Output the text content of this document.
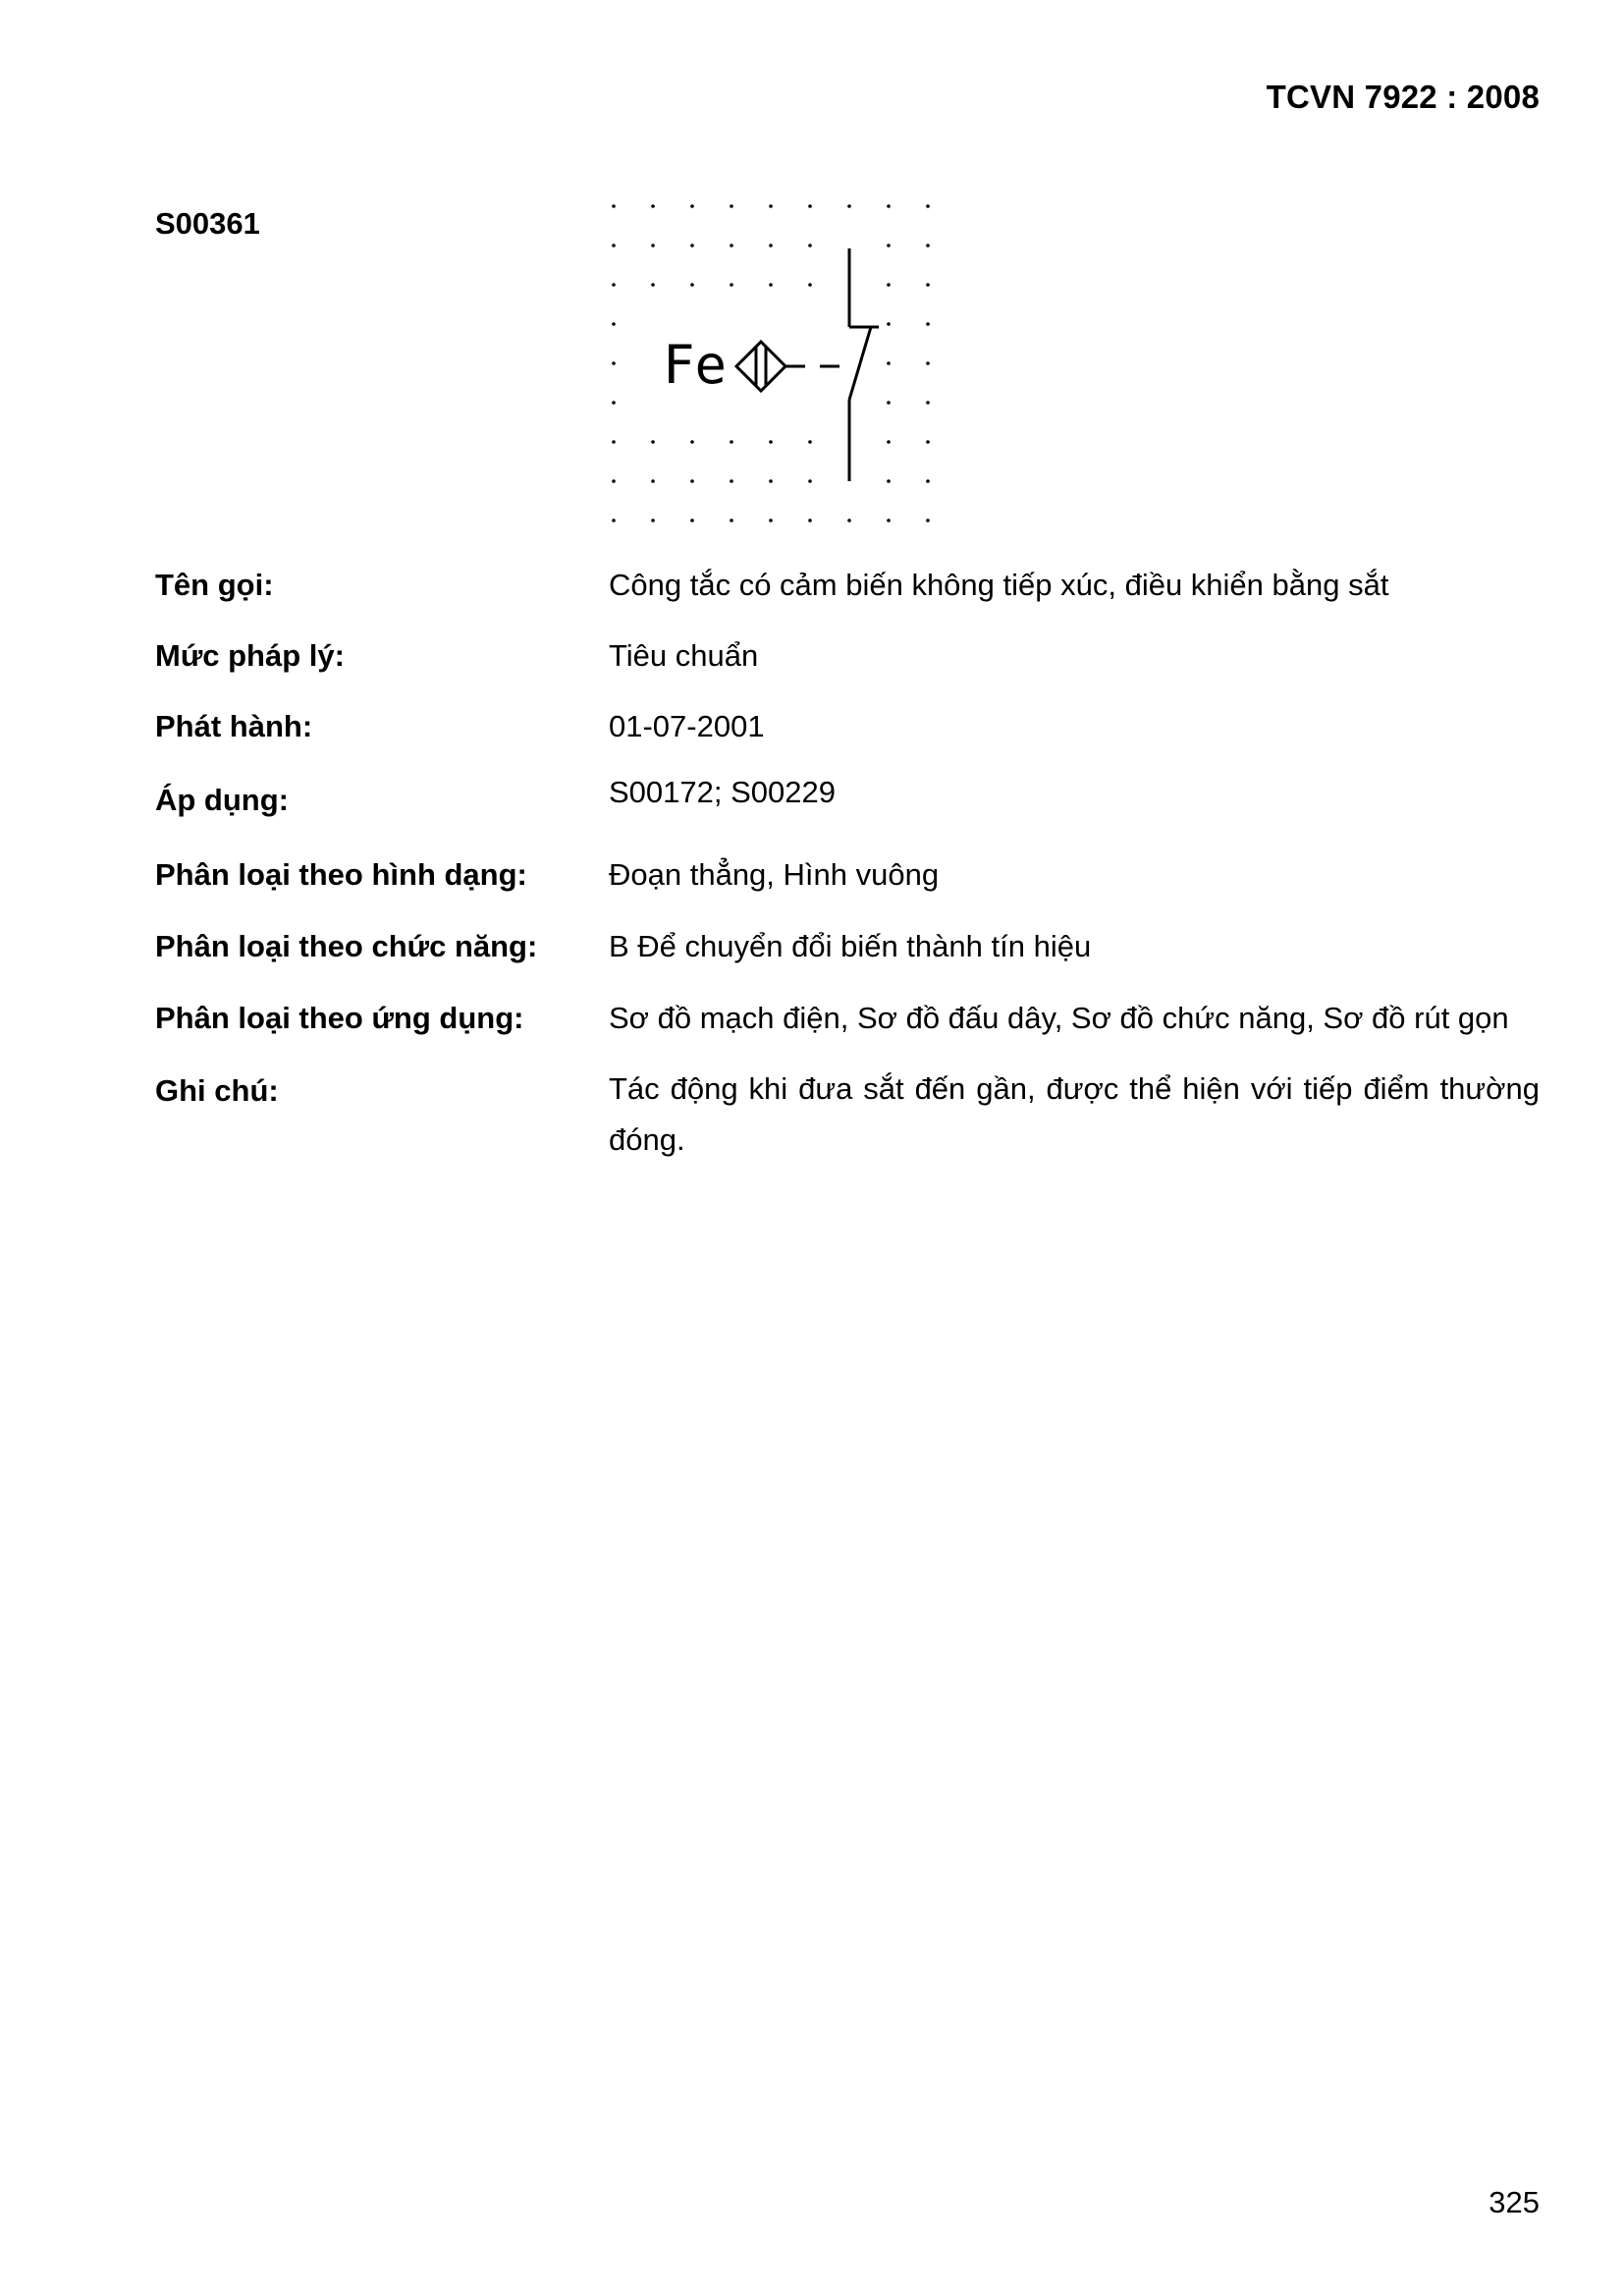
TCVN 7922 : 2008
S00361
Fe
Tên gọi:	Công tắc có cảm biến không tiếp xúc, điều khiển bằng sắt
Mức pháp lý:	Tiêu chuẩn
Phát hành:	01-07-2001
Áp dụng:	S00172; S00229
Phân loại theo hình dạng:	Đoạn thẳng, Hình vuông
Phân loại theo chức năng: B Để chuyển đổi biến thành tín hiệu
Phân loại theo ứng dụng:	Sơ đồ mạch điện, Sơ đồ đấu dây, Sơ đồ chức năng, Sơ đồ rút gọn
Ghi chú:	Tác động khi đưa sắt đến gần, được thể hiện với tiếp điểm thường đóng.
325
